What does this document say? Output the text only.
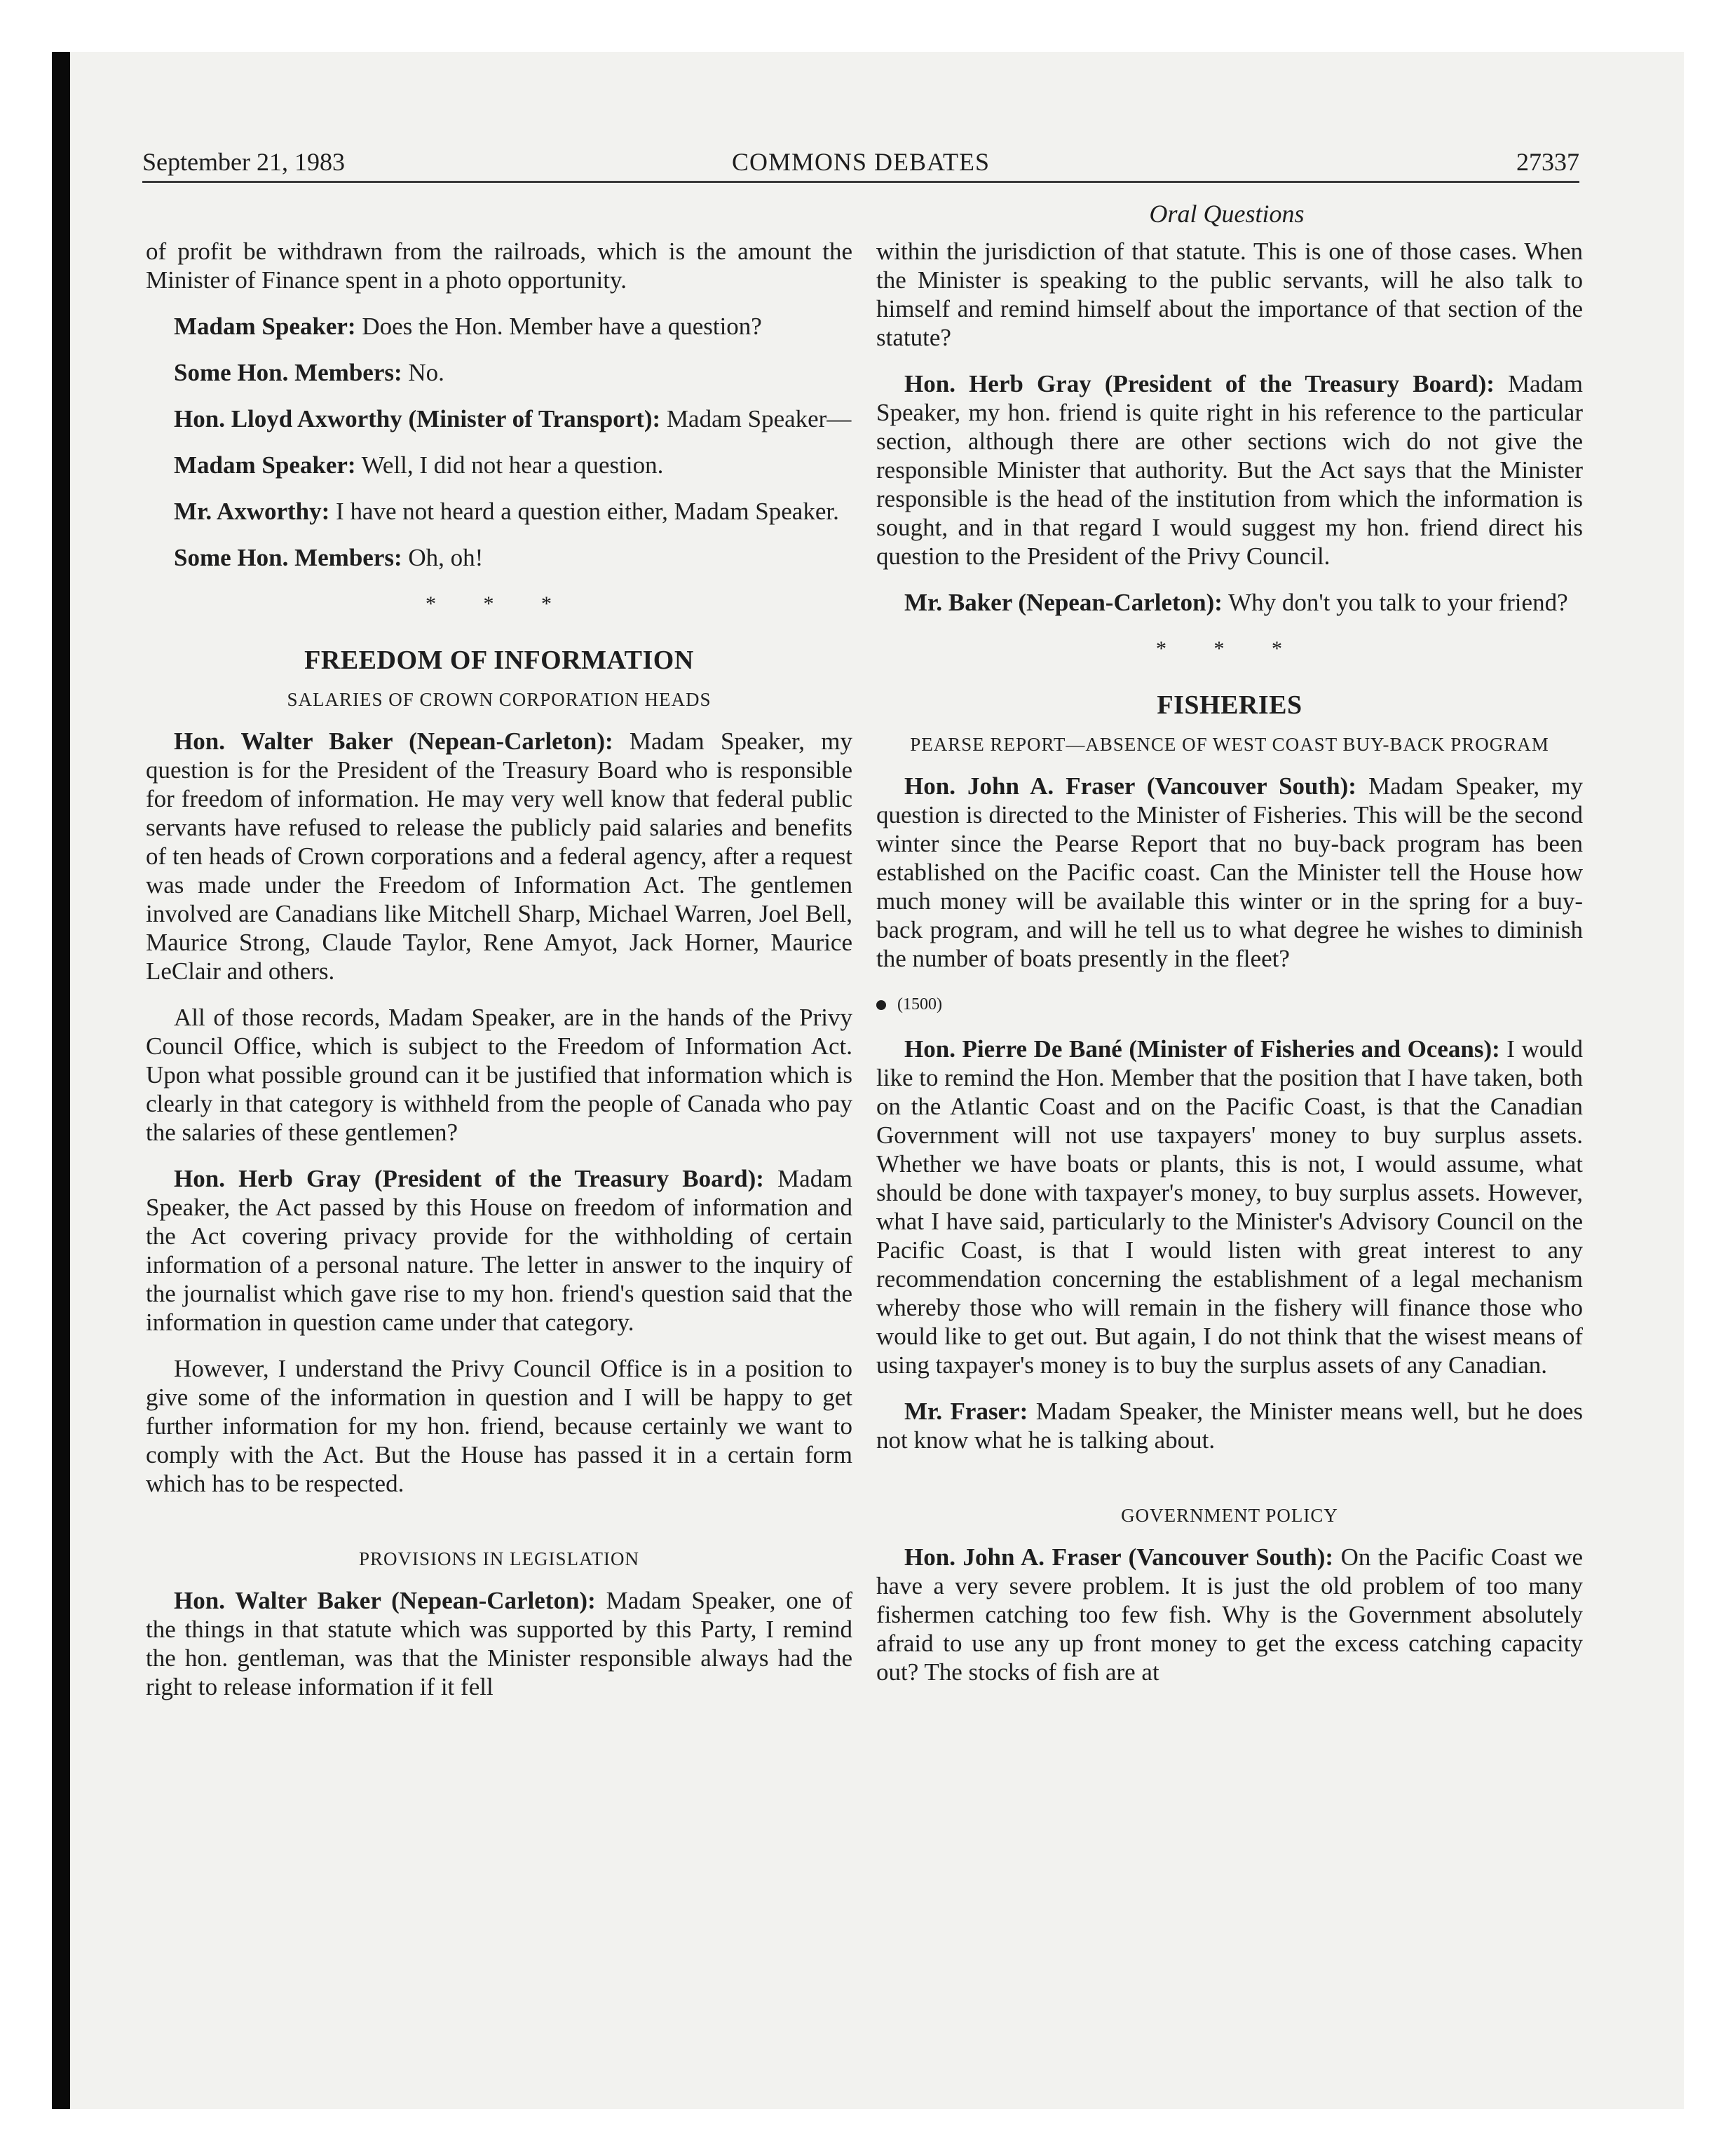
September 21, 1983	COMMONS DEBATES	27337
Oral Questions

of profit be withdrawn from the railroads, which is the amount the Minister of Finance spent in a photo opportunity.

Madam Speaker: Does the Hon. Member have a question?

Some Hon. Members: No.

Hon. Lloyd Axworthy (Minister of Transport): Madam Speaker—

Madam Speaker: Well, I did not hear a question.

Mr. Axworthy: I have not heard a question either, Madam Speaker.

Some Hon. Members: Oh, oh!

* * *
FREEDOM OF INFORMATION
SALARIES OF CROWN CORPORATION HEADS

Hon. Walter Baker (Nepean-Carleton): Madam Speaker, my question is for the President of the Treasury Board who is responsible for freedom of information. He may very well know that federal public servants have refused to release the publicly paid salaries and benefits of ten heads of Crown corporations and a federal agency, after a request was made under the Freedom of Information Act. The gentlemen involved are Canadians like Mitchell Sharp, Michael Warren, Joel Bell, Maurice Strong, Claude Taylor, Rene Amyot, Jack Horner, Maurice LeClair and others.

All of those records, Madam Speaker, are in the hands of the Privy Council Office, which is subject to the Freedom of Information Act. Upon what possible ground can it be justified that information which is clearly in that category is withheld from the people of Canada who pay the salaries of these gentlemen?

Hon. Herb Gray (President of the Treasury Board): Madam Speaker, the Act passed by this House on freedom of information and the Act covering privacy provide for the withholding of certain information of a personal nature. The letter in answer to the inquiry of the journalist which gave rise to my hon. friend's question said that the information in question came under that category.

However, I understand the Privy Council Office is in a position to give some of the information in question and I will be happy to get further information for my hon. friend, because certainly we want to comply with the Act. But the House has passed it in a certain form which has to be respected.

PROVISIONS IN LEGISLATION

Hon. Walter Baker (Nepean-Carleton): Madam Speaker, one of the things in that statute which was supported by this Party, I remind the hon. gentleman, was that the Minister responsible always had the right to release information if it fell

within the jurisdiction of that statute. This is one of those cases. When the Minister is speaking to the public servants, will he also talk to himself and remind himself about the importance of that section of the statute?

Hon. Herb Gray (President of the Treasury Board): Madam Speaker, my hon. friend is quite right in his reference to the particular section, although there are other sections wich do not give the responsible Minister that authority. But the Act says that the Minister responsible is the head of the institution from which the information is sought, and in that regard I would suggest my hon. friend direct his question to the President of the Privy Council.

Mr. Baker (Nepean-Carleton): Why don't you talk to your friend?

* * *
FISHERIES
PEARSE REPORT—ABSENCE OF WEST COAST BUY-BACK PROGRAM

Hon. John A. Fraser (Vancouver South): Madam Speaker, my question is directed to the Minister of Fisheries. This will be the second winter since the Pearse Report that no buy-back program has been established on the Pacific coast. Can the Minister tell the House how much money will be available this winter or in the spring for a buy-back program, and will he tell us to what degree he wishes to diminish the number of boats presently in the fleet?

(1500)

Hon. Pierre De Bané (Minister of Fisheries and Oceans): I would like to remind the Hon. Member that the position that I have taken, both on the Atlantic Coast and on the Pacific Coast, is that the Canadian Government will not use taxpayers' money to buy surplus assets. Whether we have boats or plants, this is not, I would assume, what should be done with taxpayer's money, to buy surplus assets. However, what I have said, particularly to the Minister's Advisory Council on the Pacific Coast, is that I would listen with great interest to any recommendation concerning the establishment of a legal mechanism whereby those who will remain in the fishery will finance those who would like to get out. But again, I do not think that the wisest means of using taxpayer's money is to buy the surplus assets of any Canadian.

Mr. Fraser: Madam Speaker, the Minister means well, but he does not know what he is talking about.

GOVERNMENT POLICY

Hon. John A. Fraser (Vancouver South): On the Pacific Coast we have a very severe problem. It is just the old problem of too many fishermen catching too few fish. Why is the Government absolutely afraid to use any up front money to get the excess catching capacity out? The stocks of fish are at
